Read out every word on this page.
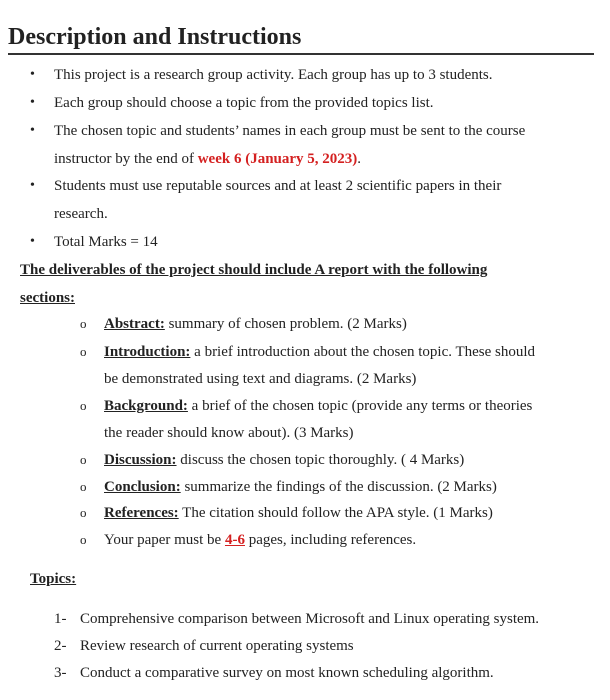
Description and Instructions
• This project is a research group activity. Each group has up to 3 students.
• Each group should choose a topic from the provided topics list.
• The chosen topic and students’ names in each group must be sent to the course
instructor by the end of week 6 (January 5, 2023).
• Students must use reputable sources and at least 2 scientific papers in their
research.
• Total Marks = 14
The deliverables of the project should include A report with the following
sections:
o Abstract: summary of chosen problem. (2 Marks)
o Introduction: a brief introduction about the chosen topic. These should
be demonstrated using text and diagrams. (2 Marks)
o Background: a brief of the chosen topic (provide any terms or theories
the reader should know about). (3 Marks)
o Discussion: discuss the chosen topic thoroughly. ( 4 Marks)
o Conclusion: summarize the findings of the discussion. (2 Marks)
o References: The citation should follow the APA style. (1 Marks)
o Your paper must be 4-6 pages, including references.
Topics:
1- Comprehensive comparison between Microsoft and Linux operating system.
2- Review research of current operating systems
3- Conduct a comparative survey on most known scheduling algorithm.
